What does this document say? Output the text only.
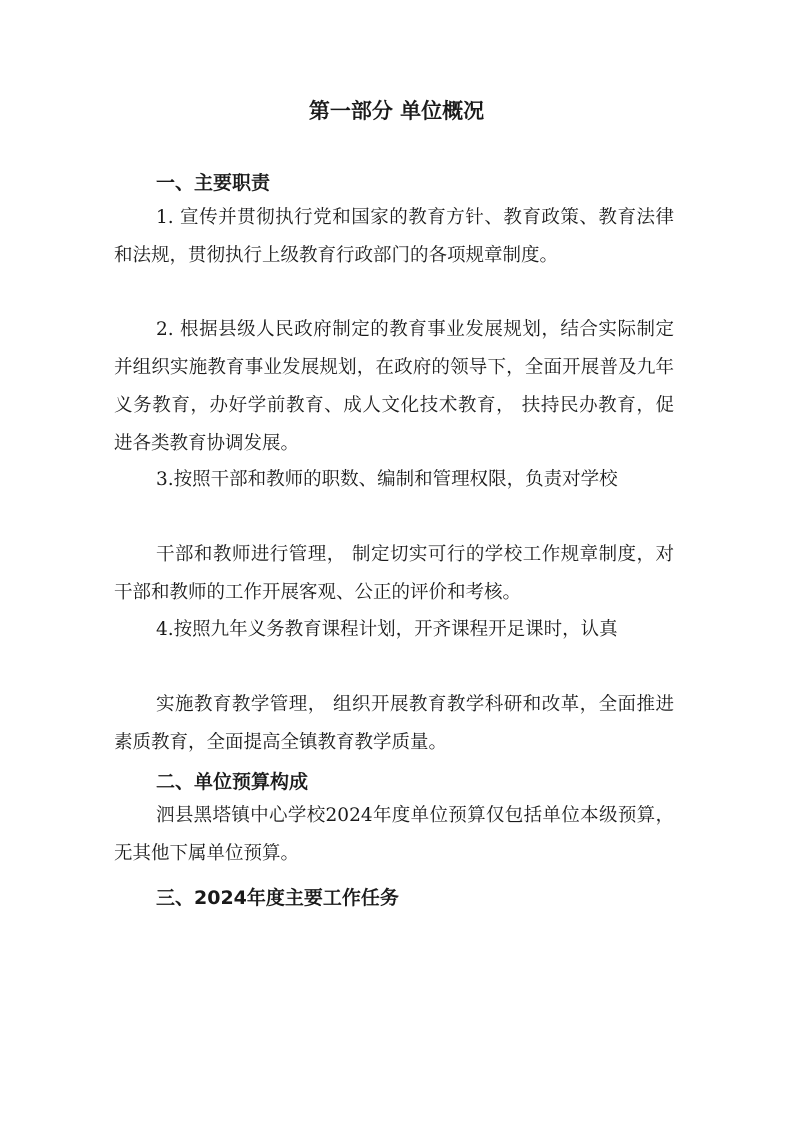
第一部分 单位概况
一、主要职责
1. 宣传并贯彻执行党和国家的教育方针、教育政策、教育法律和法规，贯彻执行上级教育行政部门的各项规章制度。
2. 根据县级人民政府制定的教育事业发展规划，结合实际制定并组织实施教育事业发展规划，在政府的领导下，全面开展普及九年义务教育，办好学前教育、成人文化技术教育， 扶持民办教育，促进各类教育协调发展。
3.按照干部和教师的职数、编制和管理权限，负责对学校
干部和教师进行管理， 制定切实可行的学校工作规章制度，对干部和教师的工作开展客观、公正的评价和考核。
4.按照九年义务教育课程计划，开齐课程开足课时，认真
实施教育教学管理， 组织开展教育教学科研和改革，全面推进素质教育，全面提高全镇教育教学质量。
二、单位预算构成
泗县黑塔镇中心学校2024年度单位预算仅包括单位本级预算，无其他下属单位预算。
三、2024年度主要工作任务
